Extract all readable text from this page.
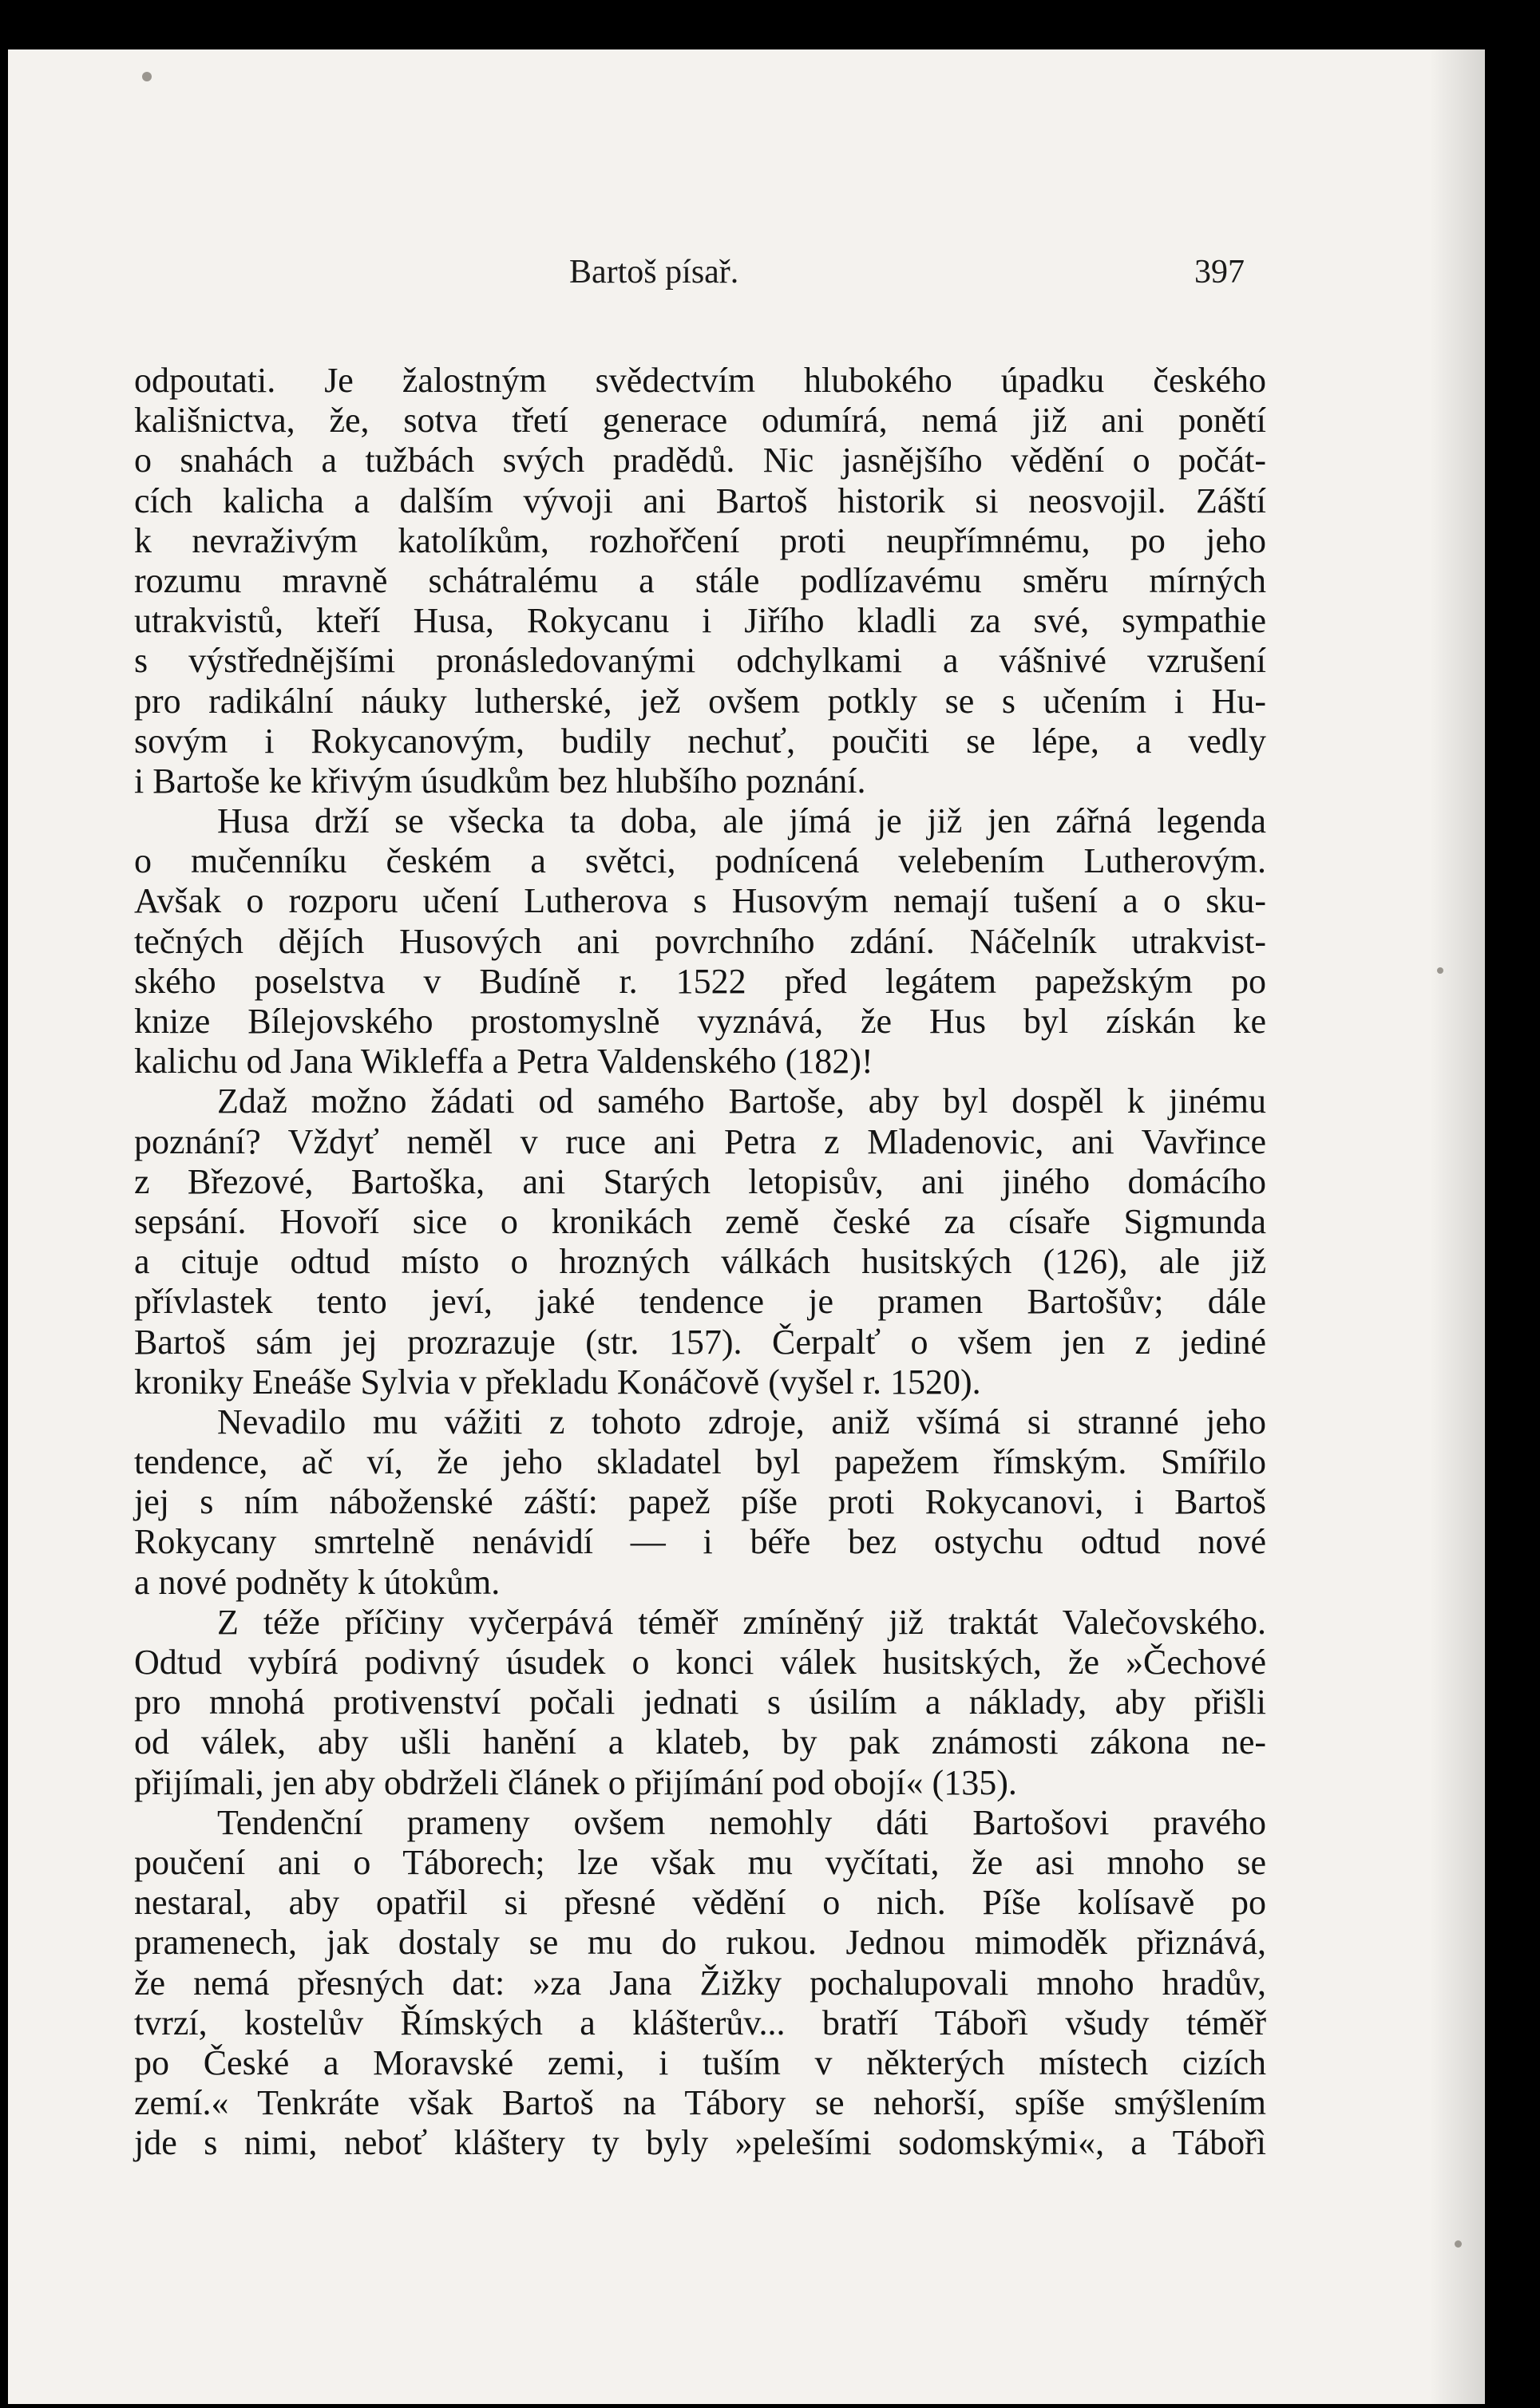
Bartoš písař.	397
odpoutati. Je žalostným svědectvím hlubokého úpadku českého
kališnictva, že, sotva třetí generace odumírá, nemá již ani ponětí
o snahách a tužbách svých pradědů. Nic jasnějšího vědění o počát-
cích kalicha a dalším vývoji ani Bartoš historik si neosvojil. Záští
k nevraživým katolíkům, rozhořčení proti neupřímnému, po jeho
rozumu mravně schátralému a stále podlízavému směru mírných
utrakvistů, kteří Husa, Rokycanu i Jiřího kladli za své, sympathie
s výstřednějšími pronásledovanými odchylkami a vášnivé vzrušení
pro radikální náuky lutherské, jež ovšem potkly se s učením i Hu-
sovým i Rokycanovým, budily nechuť, poučiti se lépe, a vedly
i Bartoše ke křivým úsudkům bez hlubšího poznání.
Husa drží se všecka ta doba, ale jímá je již jen zářná legenda
o mučenníku českém a světci, podnícená velebením Lutherovým.
Avšak o rozporu učení Lutherova s Husovým nemají tušení a o sku-
tečných dějích Husových ani povrchního zdání. Náčelník utrakvist-
ského poselstva v Budíně r. 1522 před legátem papežským po
knize Bílejovského prostomyslně vyznává, že Hus byl získán ke
kalichu od Jana Wikleffa a Petra Valdenského (182)!
Zdaž možno žádati od samého Bartoše, aby byl dospěl k jinému
poznání? Vždyť neměl v ruce ani Petra z Mladenovic, ani Vavřince
z Březové, Bartoška, ani Starých letopisův, ani jiného domácího
sepsání. Hovoří sice o kronikách země české za císaře Sigmunda
a cituje odtud místo o hrozných válkách husitských (126), ale již
přívlastek tento jeví, jaké tendence je pramen Bartošův; dále
Bartoš sám jej prozrazuje (str. 157). Čerpalť o všem jen z jediné
kroniky Eneáše Sylvia v překladu Konáčově (vyšel r. 1520).
Nevadilo mu vážiti z tohoto zdroje, aniž všímá si stranné jeho
tendence, ač ví, že jeho skladatel byl papežem římským. Smířilo
jej s ním náboženské záští: papež píše proti Rokycanovi, i Bartoš
Rokycany smrtelně nenávidí — i béře bez ostychu odtud nové
a nové podněty k útokům.
Z téže příčiny vyčerpává téměř zmíněný již traktát Valečovského.
Odtud vybírá podivný úsudek o konci válek husitských, že »Čechové
pro mnohá protivenství počali jednati s úsilím a náklady, aby přišli
od válek, aby ušli hanění a klateb, by pak známosti zákona ne-
přijímali, jen aby obdrželi článek o přijímání pod obojí« (135).
Tendenční prameny ovšem nemohly dáti Bartošovi pravého
poučení ani o Táborech; lze však mu vyčítati, že asi mnoho se
nestaral, aby opatřil si přesné vědění o nich. Píše kolísavě po
pramenech, jak dostaly se mu do rukou. Jednou mimoděk přiznává,
že nemá přesných dat: »za Jana Žižky pochalupovali mnoho hradův,
tvrzí, kostelův Římských a klášterův... bratří Tábořì všudy téměř
po České a Moravské zemi, i tuším v některých místech cizích
zemí.« Tenkráte však Bartoš na Tábory se nehorší, spíše smýšlením
jde s nimi, neboť kláštery ty byly »pelešími sodomskými«, a Tábořì
